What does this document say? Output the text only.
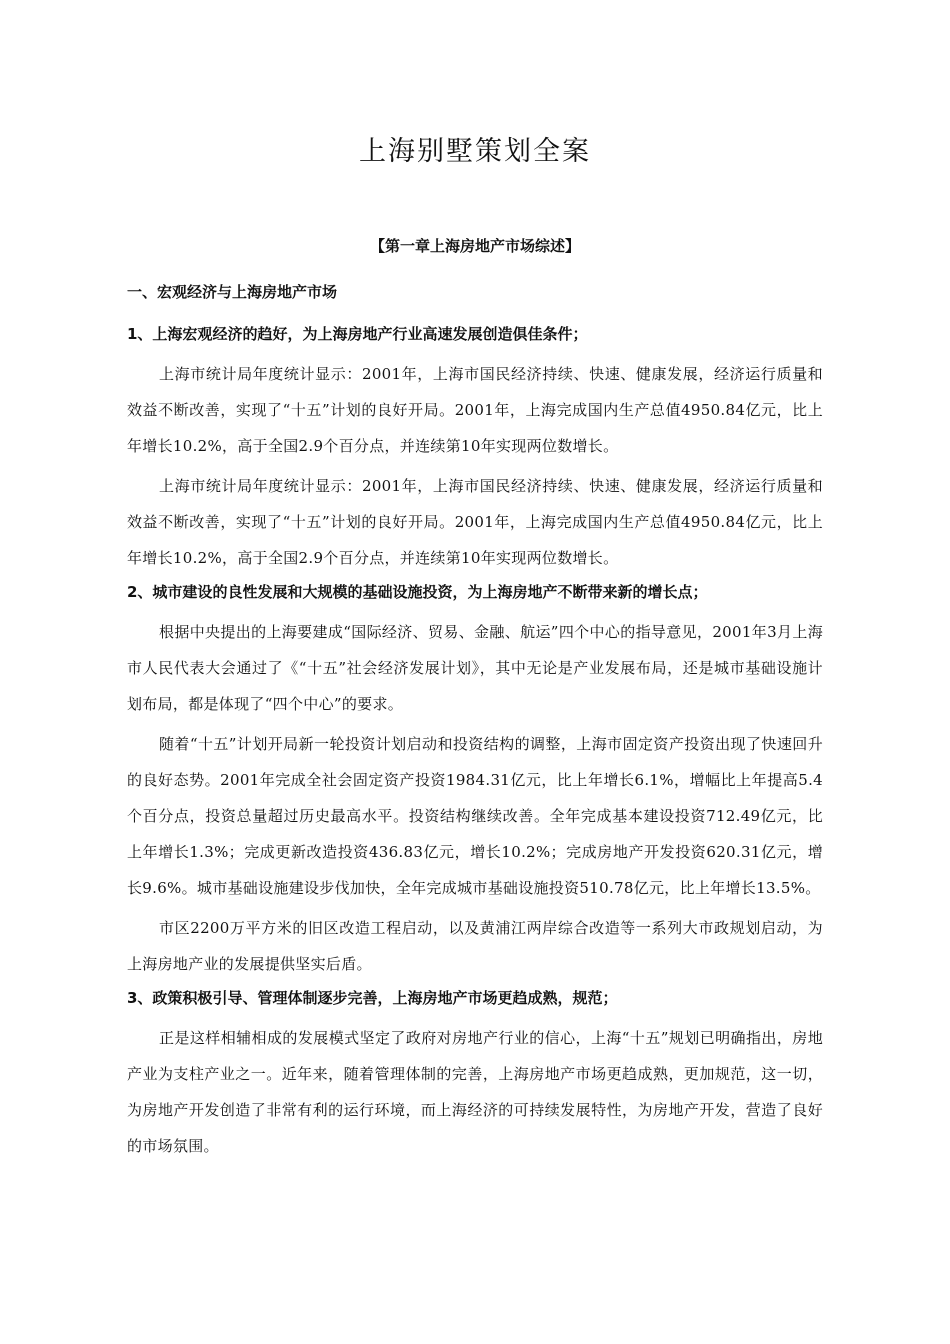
上海别墅策划全案
【第一章上海房地产市场综述】
一、宏观经济与上海房地产市场
1、上海宏观经济的趋好，为上海房地产行业高速发展创造俱佳条件；

上海市统计局年度统计显示：2001年，上海市国民经济持续、快速、健康发展，经济运行质量和效益不断改善，实现了“十五”计划的良好开局。2001年，上海完成国内生产总值4950.84亿元，比上年增长10.2%，高于全国2.9个百分点，并连续第10年实现两位数增长。

上海市统计局年度统计显示：2001年，上海市国民经济持续、快速、健康发展，经济运行质量和效益不断改善，实现了“十五”计划的良好开局。2001年，上海完成国内生产总值4950.84亿元，比上年增长10.2%，高于全国2.9个百分点，并连续第10年实现两位数增长。

2、城市建设的良性发展和大规模的基础设施投资，为上海房地产不断带来新的增长点；

根据中央提出的上海要建成“国际经济、贸易、金融、航运”四个中心的指导意见，2001年3月上海市人民代表大会通过了《“十五”社会经济发展计划》，其中无论是产业发展布局，还是城市基础设施计划布局，都是体现了“四个中心”的要求。

随着“十五”计划开局新一轮投资计划启动和投资结构的调整，上海市固定资产投资出现了快速回升的良好态势。2001年完成全社会固定资产投资1984.31亿元，比上年增长6.1%，增幅比上年提高5.4个百分点，投资总量超过历史最高水平。投资结构继续改善。全年完成基本建设投资712.49亿元，比上年增长1.3%；完成更新改造投资436.83亿元，增长10.2%；完成房地产开发投资620.31亿元，增长9.6%。城市基础设施建设步伐加快，全年完成城市基础设施投资510.78亿元，比上年增长13.5%。

市区2200万平方米的旧区改造工程启动，以及黄浦江两岸综合改造等一系列大市政规划启动，为上海房地产业的发展提供坚实后盾。

3、政策积极引导、管理体制逐步完善，上海房地产市场更趋成熟，规范；

正是这样相辅相成的发展模式坚定了政府对房地产行业的信心，上海“十五”规划已明确指出，房地产业为支柱产业之一。近年来，随着管理体制的完善，上海房地产市场更趋成熟，更加规范，这一切，为房地产开发创造了非常有利的运行环境，而上海经济的可持续发展特性，为房地产开发，营造了良好的市场氛围。
